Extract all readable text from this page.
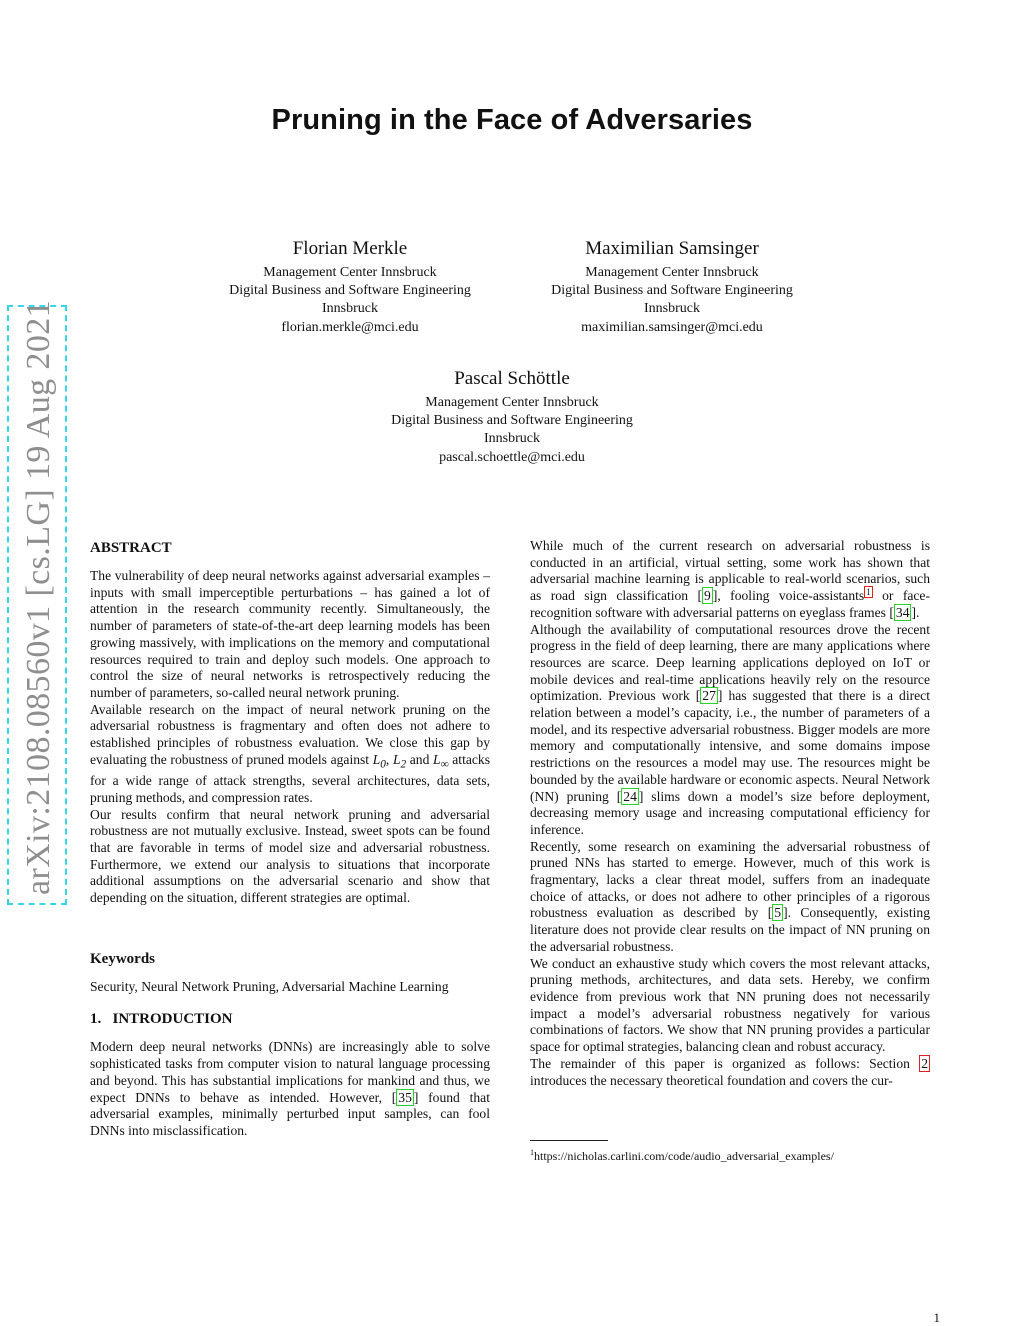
Pruning in the Face of Adversaries
Florian Merkle
Management Center Innsbruck
Digital Business and Software Engineering
Innsbruck
florian.merkle@mci.edu
Maximilian Samsinger
Management Center Innsbruck
Digital Business and Software Engineering
Innsbruck
maximilian.samsinger@mci.edu
Pascal Schöttle
Management Center Innsbruck
Digital Business and Software Engineering
Innsbruck
pascal.schoettle@mci.edu
arXiv:2108.08560v1 [cs.LG] 19 Aug 2021	ABSTRACT

The vulnerability of deep neural networks against adversarial examples – inputs with small imperceptible perturbations – has gained a lot of attention in the research community recently. Simultaneously, the number of parameters of state-of-the-art deep learning models has been growing massively, with implications on the memory and computational resources required to train and deploy such models. One approach to control the size of neural networks is retrospectively reducing the number of parameters, so-called neural network pruning.

Available research on the impact of neural network pruning on the adversarial robustness is fragmentary and often does not adhere to established principles of robustness evaluation. We close this gap by evaluating the robustness of pruned models against $L_0$, $L_2$ and $L_\infty$ attacks for a wide range of attack strengths, several architectures, data sets, pruning methods, and compression rates.

Our results confirm that neural network pruning and adversarial robustness are not mutually exclusive. Instead, sweet spots can be found that are favorable in terms of model size and adversarial robustness. Furthermore, we extend our analysis to situations that incorporate additional assumptions on the adversarial scenario and show that depending on the situation, different strategies are optimal.

Keywords

Security, Neural Network Pruning, Adversarial Machine Learning

1.   INTRODUCTION

Modern deep neural networks (DNNs) are increasingly able to solve sophisticated tasks from computer vision to natural language processing and beyond. This has substantial implications for mankind and thus, we expect DNNs to behave as intended. However, [ 35 ] found that adversarial examples, minimally perturbed input samples, can fool DNNs into misclassification.

While much of the current research on adversarial robustness is conducted in an artificial, virtual setting, some work has shown that adversarial machine learning is applicable to real-world scenarios, such as road sign classification [ 9 ], fooling voice-assistants $^1$ or face-recognition software with adversarial patterns on eyeglass frames [ 34 ].

Although the availability of computational resources drove the recent progress in the field of deep learning, there are many applications where resources are scarce. Deep learning applications deployed on IoT or mobile devices and real-time applications heavily rely on the resource optimization. Previous work [ 27 ] has suggested that there is a direct relation between a model’s capacity, i.e., the number of parameters of a model, and its respective adversarial robustness. Bigger models are more memory and computationally intensive, and some domains impose restrictions on the resources a model may use. The resources might be bounded by the available hardware or economic aspects. Neural Network (NN) pruning [ 24 ] slims down a model’s size before deployment, decreasing memory usage and increasing computational efficiency for inference.

Recently, some research on examining the adversarial robustness of pruned NNs has started to emerge. However, much of this work is fragmentary, lacks a clear threat model, suffers from an inadequate choice of attacks, or does not adhere to other principles of a rigorous robustness evaluation as described by [ 5 ]. Consequently, existing literature does not provide clear results on the impact of NN pruning on the adversarial robustness.

We conduct an exhaustive study which covers the most relevant attacks, pruning methods, architectures, and data sets. Hereby, we confirm evidence from previous work that NN pruning does not necessarily impact a model’s adversarial robustness negatively for various combinations of factors. We show that NN pruning provides a particular space for optimal strategies, balancing clean and robust accuracy.

The remainder of this paper is organized as follows: Section 2 introduces the necessary theoretical foundation and covers the cur-

$^1$https://nicholas.carlini.com/code/audio_adversarial_examples/
1
